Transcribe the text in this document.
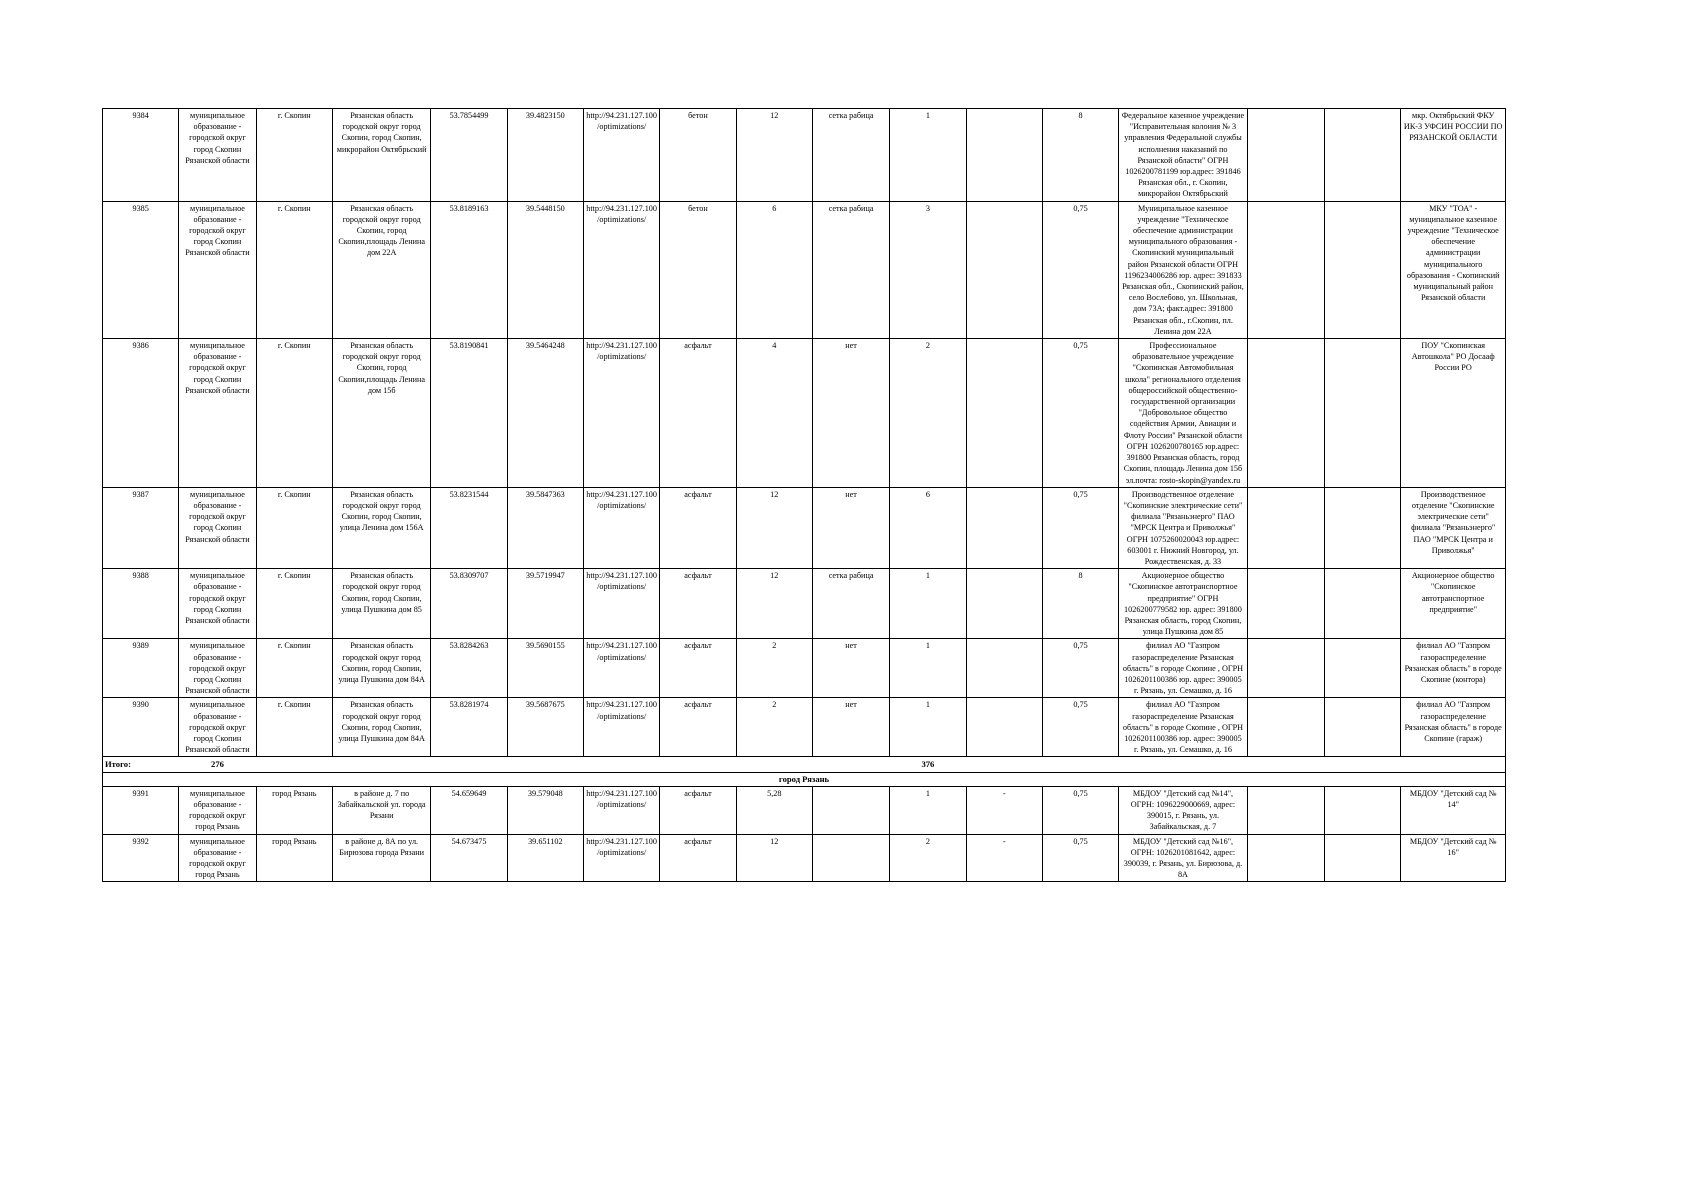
9384	муниципальное образование - городской округ город Скопин Рязанской области	г. Скопин	Рязанская область городской округ город Скопин, город Скопин, микрорайон Октябрьский	53.7854499	39.4823150	http://94.231.127.100/optimizations/	бетон	12	сетка рабица	1		8	Федеральное казенное учреждение "Исправительная колония № 3 управления Федеральной службы исполнения наказаний по Рязанской области" ОГРН 1026200781199 юр.адрес: 391846 Рязанская обл., г. Скопин, микрорайон Октябрьский			мкр. Октябрьский ФКУ ИК-3 УФСИН РОССИИ ПО РЯЗАНСКОЙ ОБЛАСТИ
9385	муниципальное образование - городской округ город Скопин Рязанской области	г. Скопин	Рязанская область городской округ город Скопин, город Скопин,площадь Ленина дом 22А	53.8189163	39.5448150	http://94.231.127.100/optimizations/	бетон	6	сетка рабица	3		0,75	Муниципальное казенное учреждение "Техническое обеспечение администрации муниципального образования - Скопинский муниципальный район Рязанской области ОГРН 1196234006286 юр. адрес: 391833 Рязанская обл., Скопинский район, село Вослебово, ул. Школьная, дом 73А; факт.адрес: 391800 Рязанская обл., г.Скопин, пл. Ленина дом 22А			МКУ "ТОА" - муниципальное казенное учреждение "Техническое обеспечение администрации муниципального образования - Скопинский муниципальный район Рязанской области
9386	муниципальное образование - городской округ город Скопин Рязанской области	г. Скопин	Рязанская область городской округ город Скопин, город Скопин,площадь Ленина дом 15б	53.8190841	39.5464248	http://94.231.127.100/optimizations/	асфальт	4	нет	2		0,75	Профессиональное образовательное учреждение "Скопинская Автомобильная школа" регионального отделения общероссийской общественно-государственной организации "Добровольное общество содействия Армии, Авиации и Флоту России" Рязанской области ОГРН 1026200780165 юр.адрес: 391800 Рязанская область, город Скопин, площадь Ленина дом 15б эл.почта: rosto-skopin@yandex.ru			ПОУ "Скопинская Автошкола" РО Досааф России РО
9387	муниципальное образование - городской округ город Скопин Рязанской области	г. Скопин	Рязанская область городской округ город Скопин, город Скопин, улица Ленина дом 156А	53.8231544	39.5847363	http://94.231.127.100/optimizations/	асфальт	12	нет	6		0,75	Производственное отделение "Скопинские электрические сети" филиала "Рязаньэнерго" ПАО "МРСК Центра и Приволжья" ОГРН 1075260020043 юр.адрес: 603001 г. Нижний Новгород, ул. Рождественская, д. 33			Производственное отделение "Скопинские электрические сети" филиала "Рязаньэнерго" ПАО "МРСК Центра и Приволжья"
9388	муниципальное образование - городской округ город Скопин Рязанской области	г. Скопин	Рязанская область городской округ город Скопин, город Скопин, улица Пушкина дом 85	53.8309707	39.5719947	http://94.231.127.100/optimizations/	асфальт	12	сетка рабица	1		8	Акционерное общество "Скопинское автотранспортное предприятие" ОГРН 1026200779582 юр. адрес: 391800 Рязанская область, город Скопин, улица Пушкина дом 85			Акционерное общество "Скопинское автотранспортное предприятие"
9389	муниципальное образование - городской округ город Скопин Рязанской области	г. Скопин	Рязанская область городской округ город Скопин, город Скопин, улица Пушкина дом 84А	53.8284263	39.5690155	http://94.231.127.100/optimizations/	асфальт	2	нет	1		0,75	филиал АО "Газпром газораспределение Рязанская область" в городе Скопине , ОГРН 1026201100386 юр. адрес: 390005 г. Рязань, ул. Семашко, д. 16			филиал АО "Газпром газораспределение Рязанская область" в городе Скопине (контора)
9390	муниципальное образование - городской округ город Скопин Рязанской области	г. Скопин	Рязанская область городской округ город Скопин, город Скопин, улица Пушкина дом 84А	53.8281974	39.5687675	http://94.231.127.100/optimizations/	асфальт	2	нет	1		0,75	филиал АО "Газпром газораспределение Рязанская область" в городе Скопине , ОГРН 1026201100386 юр. адрес: 390005 г. Рязань, ул. Семашко, д. 16			филиал АО "Газпром газораспределение Рязанская область" в городе Скопине (гараж)
Итого:	276									376						
город Рязань																
9391	муниципальное образование - городской округ город Рязань	город Рязань	в районе д. 7 по Забайкальской ул. города Рязани	54.659649	39.579048	http://94.231.127.100/optimizations/	асфальт	5,28		1	-	0,75	МБДОУ "Детский сад №14", ОГРН: 1096229000669, адрес: 390015, г. Рязань, ул. Забайкальская, д. 7			МБДОУ "Детский сад № 14"
9392	муниципальное образование - городской округ город Рязань	город Рязань	в районе д. 8А по ул. Бирюзова города Рязани	54.673475	39.651102	http://94.231.127.100/optimizations/	асфальт	12		2	-	0,75	МБДОУ "Детский сад №16", ОГРН: 1026201081642, адрес: 390039, г. Рязань, ул. Бирюзова, д. 8А			МБДОУ "Детский сад № 16"
